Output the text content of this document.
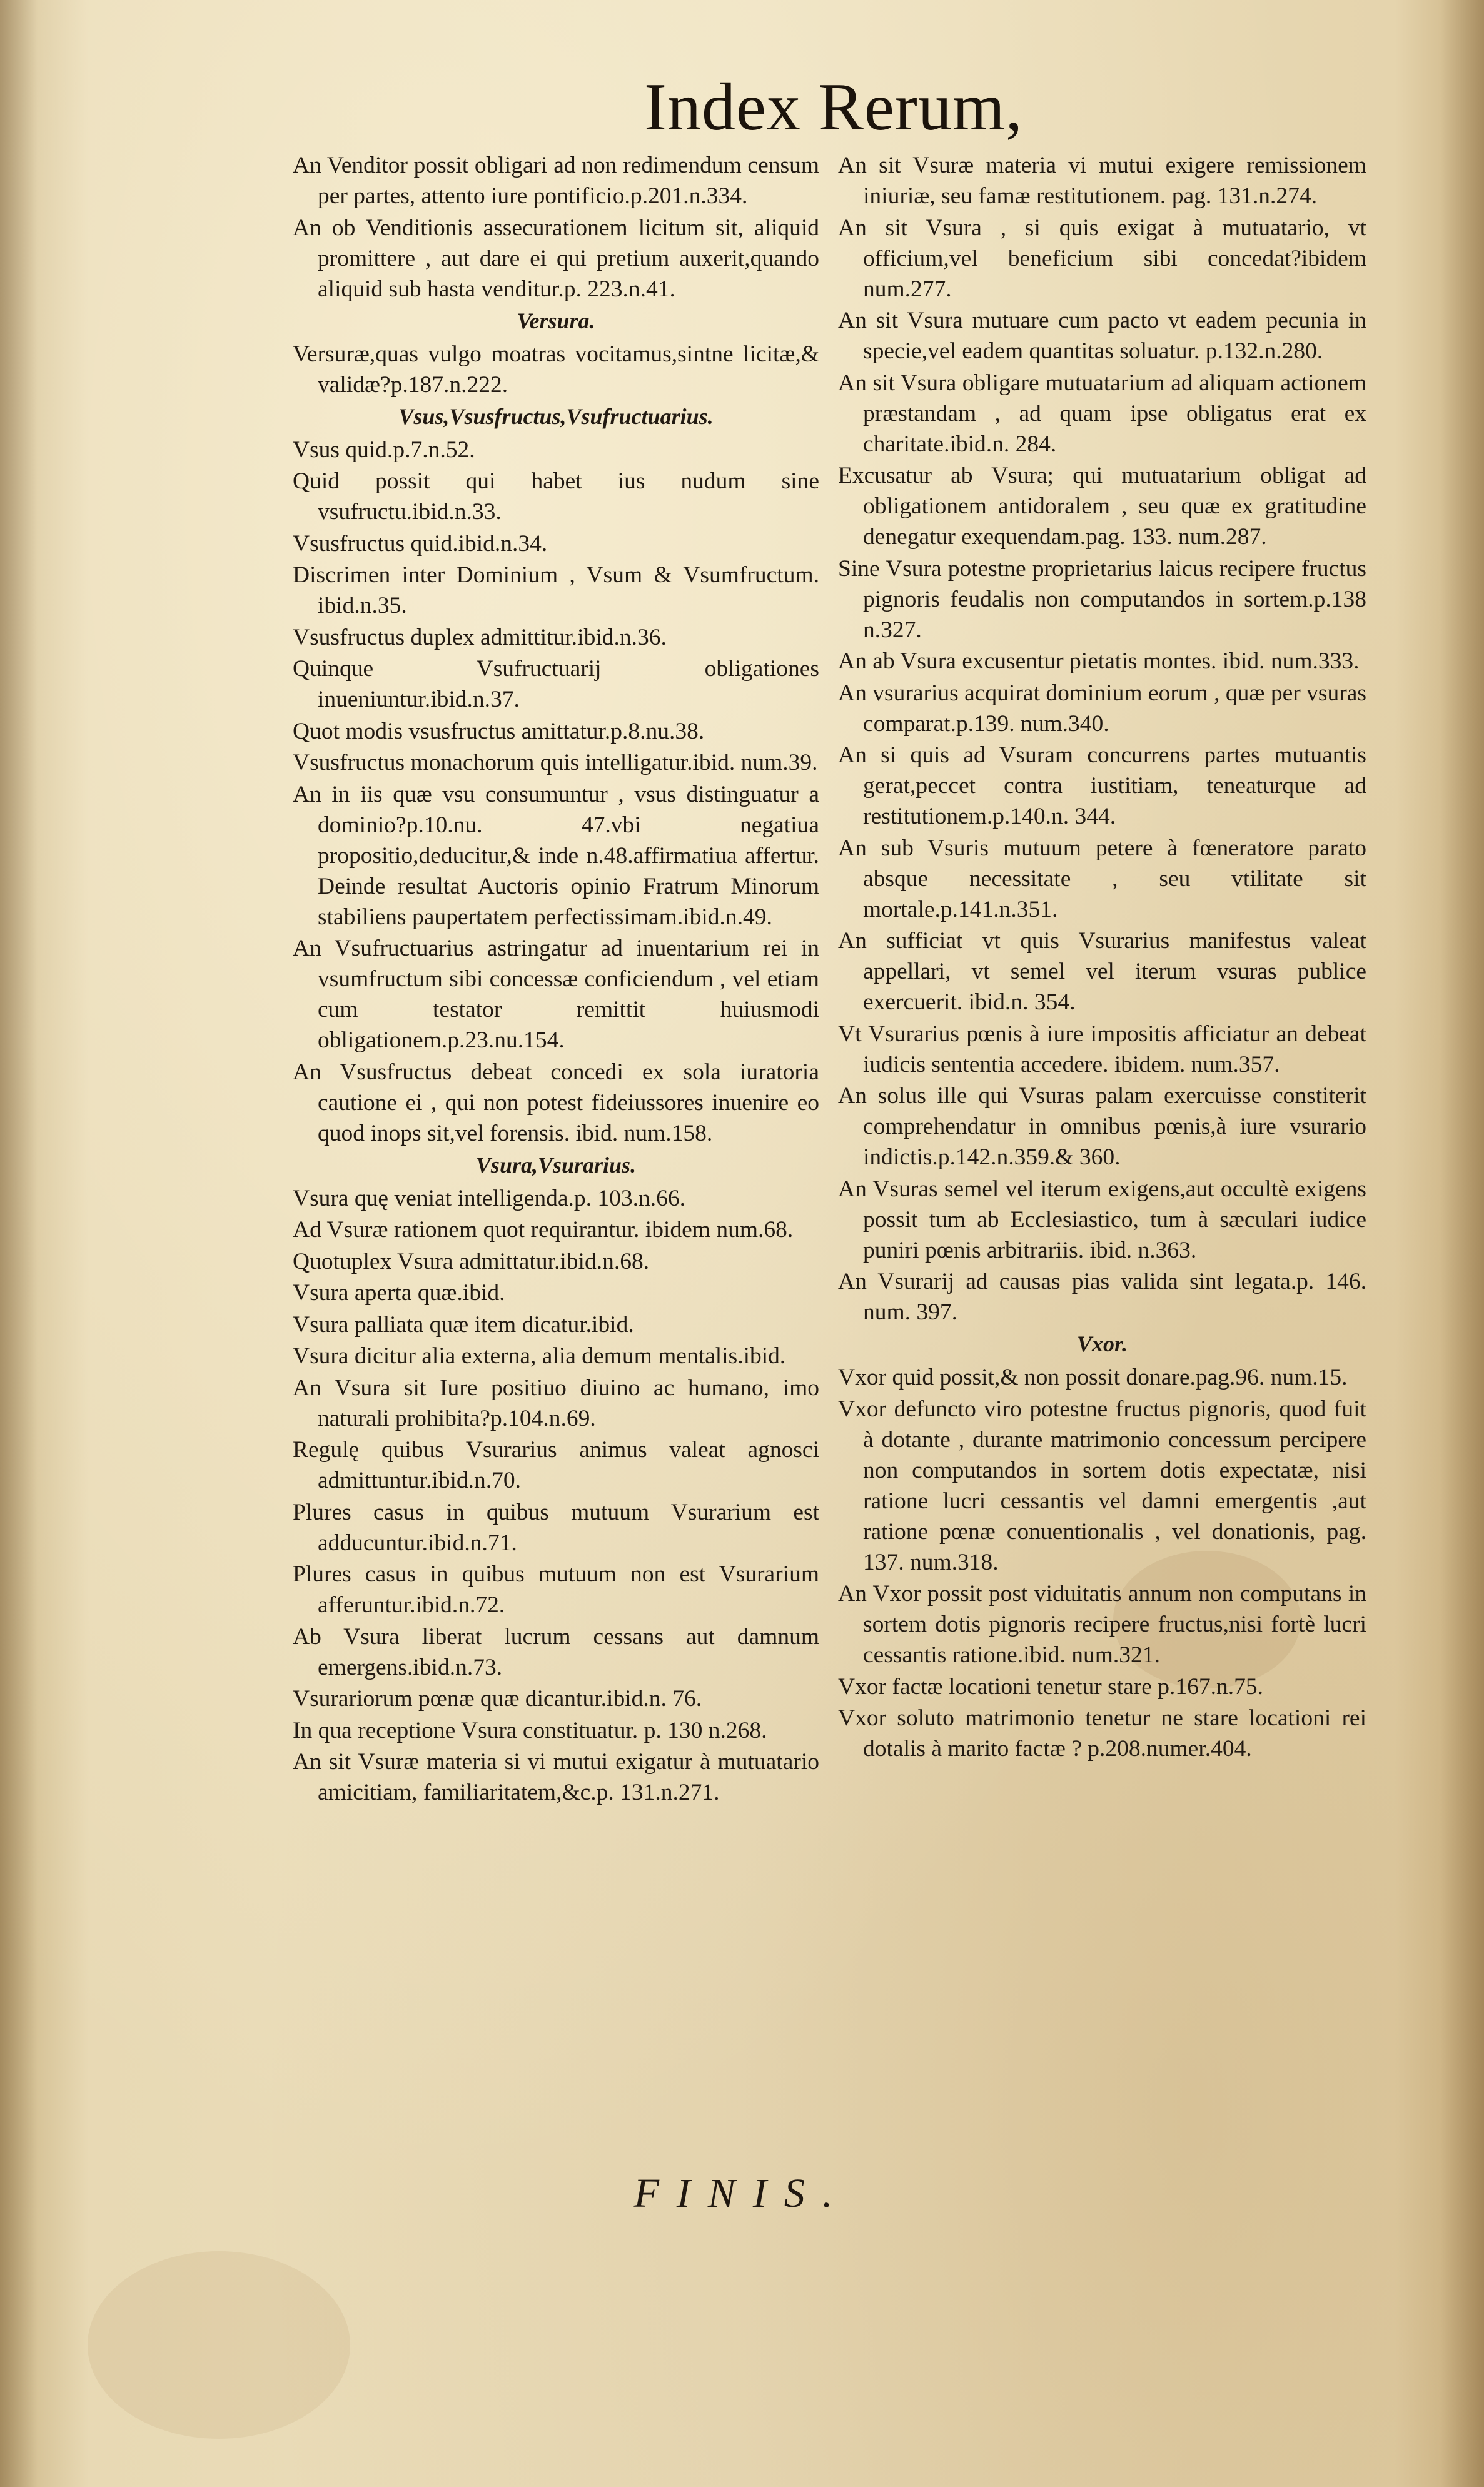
Index Rerum,

An Venditor possit obligari ad non redimendum censum per partes, attento iure pontificio.p.201.n.334.

An ob Venditionis assecurationem licitum sit, aliquid promittere , aut dare ei qui pretium auxerit,quando aliquid sub hasta venditur.p. 223.n.41.

Versura.

Versuræ,quas vulgo moatras vocitamus,sintne licitæ,& validæ?p.187.n.222.

Vsus,Vsusfructus,Vsufructuarius.

Vsus quid.p.7.n.52.

Quid possit qui habet ius nudum sine vsufructu.ibid.n.33.

Vsusfructus quid.ibid.n.34.

Discrimen inter Dominium , Vsum & Vsumfructum. ibid.n.35.

Vsusfructus duplex admittitur.ibid.n.36.

Quinque Vsufructuarij obligationes inueniuntur.ibid.n.37.

Quot modis vsusfructus amittatur.p.8.nu.38.

Vsusfructus monachorum quis intelligatur.ibid. num.39.

An in iis quæ vsu consumuntur , vsus distinguatur a dominio?p.10.nu. 47.vbi negatiua propositio,deducitur,& inde n.48.affirmatiua affertur. Deinde resultat Auctoris opinio Fratrum Minorum stabiliens paupertatem perfectissimam.ibid.n.49.

An Vsufructuarius astringatur ad inuentarium rei in vsumfructum sibi concessæ conficiendum , vel etiam cum testator remittit huiusmodi obligationem.p.23.nu.154.

An Vsusfructus debeat concedi ex sola iuratoria cautione ei , qui non potest fideiussores inuenire eo quod inops sit,vel forensis. ibid. num.158.

Vsura,Vsurarius.

Vsura quę veniat intelligenda.p. 103.n.66.

Ad Vsuræ rationem quot requirantur. ibidem num.68.

Quotuplex Vsura admittatur.ibid.n.68.

Vsura aperta quæ.ibid.

Vsura palliata quæ item dicatur.ibid.

Vsura dicitur alia externa, alia demum mentalis.ibid.

An Vsura sit Iure positiuo diuino ac humano, imo naturali prohibita?p.104.n.69.

Regulę quibus Vsurarius animus valeat agnosci admittuntur.ibid.n.70.

Plures casus in quibus mutuum Vsurarium est adducuntur.ibid.n.71.

Plures casus in quibus mutuum non est Vsurarium afferuntur.ibid.n.72.

Ab Vsura liberat lucrum cessans aut damnum emergens.ibid.n.73.

Vsurariorum pœnæ quæ dicantur.ibid.n. 76.

In qua receptione Vsura constituatur. p. 130 n.268.

An sit Vsuræ materia si vi mutui exigatur à mutuatario amicitiam, familiaritatem,&c.p. 131.n.271.

An sit Vsuræ materia vi mutui exigere remissionem iniuriæ, seu famæ restitutionem. pag. 131.n.274.

An sit Vsura , si quis exigat à mutuatario, vt officium,vel beneficium sibi concedat?ibidem num.277.

An sit Vsura mutuare cum pacto vt eadem pecunia in specie,vel eadem quantitas soluatur. p.132.n.280.

An sit Vsura obligare mutuatarium ad aliquam actionem præstandam , ad quam ipse obligatus erat ex charitate.ibid.n. 284.

Excusatur ab Vsura; qui mutuatarium obligat ad obligationem antidoralem , seu quæ ex gratitudine denegatur exequendam.pag. 133. num.287.

Sine Vsura potestne proprietarius laicus recipere fructus pignoris feudalis non computandos in sortem.p.138 n.327.

An ab Vsura excusentur pietatis montes. ibid. num.333.

An vsurarius acquirat dominium eorum , quæ per vsuras comparat.p.139. num.340.

An si quis ad Vsuram concurrens partes mutuantis gerat,peccet contra iustitiam, teneaturque ad restitutionem.p.140.n. 344.

An sub Vsuris mutuum petere à fœneratore parato absque necessitate , seu vtilitate sit mortale.p.141.n.351.

An sufficiat vt quis Vsurarius manifestus valeat appellari, vt semel vel iterum vsuras publice exercuerit. ibid.n. 354.

Vt Vsurarius pœnis à iure impositis afficiatur an debeat iudicis sententia accedere. ibidem. num.357.

An solus ille qui Vsuras palam exercuisse constiterit comprehendatur in omnibus pœnis,à iure vsurario indictis.p.142.n.359.& 360.

An Vsuras semel vel iterum exigens,aut occultè exigens possit tum ab Ecclesiastico, tum à sæculari iudice puniri pœnis arbitrariis. ibid. n.363.

An Vsurarij ad causas pias valida sint legata.p. 146. num. 397.

Vxor.

Vxor quid possit,& non possit donare.pag.96. num.15.

Vxor defuncto viro potestne fructus pignoris, quod fuit à dotante , durante matrimonio concessum percipere non computandos in sortem dotis expectatæ, nisi ratione lucri cessantis vel damni emergentis ,aut ratione pœnæ conuentionalis , vel donationis, pag. 137. num.318.

An Vxor possit post viduitatis annum non computans in sortem dotis pignoris recipere fructus,nisi fortè lucri cessantis ratione.ibid. num.321.

Vxor factæ locationi tenetur stare p.167.n.75.

Vxor soluto matrimonio tenetur ne stare locationi rei dotalis à marito factæ ? p.208.numer.404.

FINIS.
